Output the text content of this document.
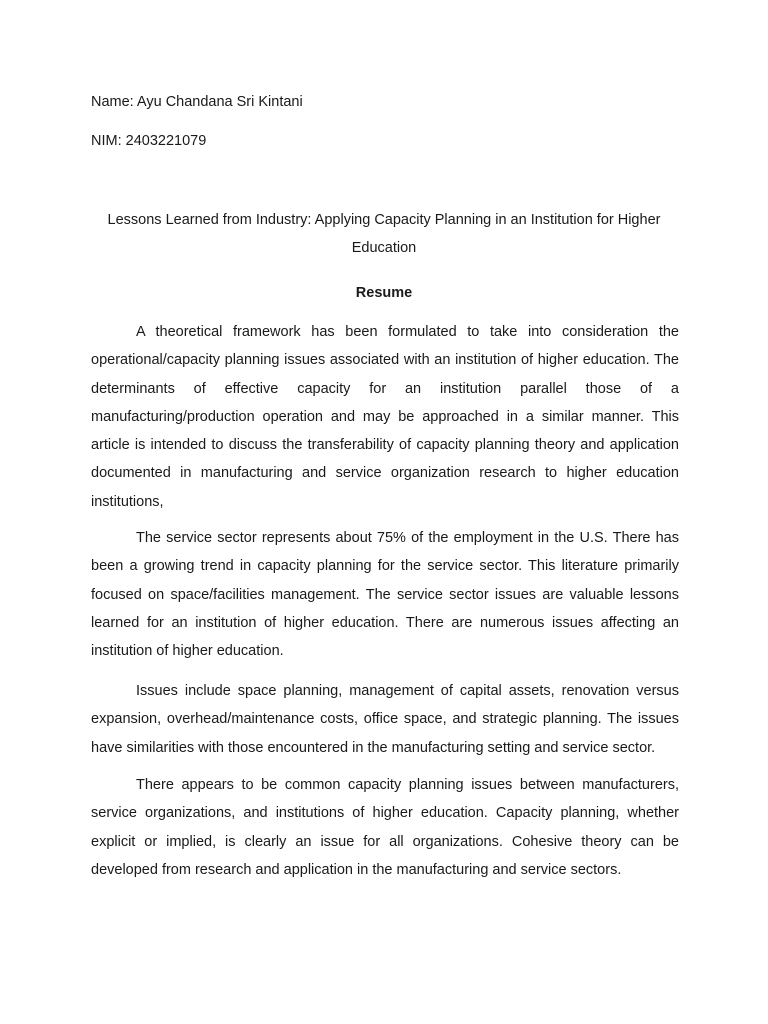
Name: Ayu Chandana Sri Kintani

NIM: 2403221079

Lessons Learned from Industry: Applying Capacity Planning in an Institution for Higher Education
Resume

A theoretical framework has been formulated to take into consideration the operational/capacity planning issues associated with an institution of higher education. The determinants of effective capacity for an institution parallel those of a manufacturing/production operation and may be approached in a similar manner. This article is intended to discuss the transferability of capacity planning theory and application documented in manufacturing and service organization research to higher education institutions,

The service sector represents about 75% of the employment in the U.S. There has been a growing trend in capacity planning for the service sector. This literature primarily focused on space/facilities management. The service sector issues are valuable lessons learned for an institution of higher education. There are numerous issues affecting an institution of higher education.

Issues include space planning, management of capital assets, renovation versus expansion, overhead/maintenance costs, office space, and strategic planning. The issues have similarities with those encountered in the manufacturing setting and service sector.

There appears to be common capacity planning issues between manufacturers, service organizations, and institutions of higher education. Capacity planning, whether explicit or implied, is clearly an issue for all organizations. Cohesive theory can be developed from research and application in the manufacturing and service sectors.
